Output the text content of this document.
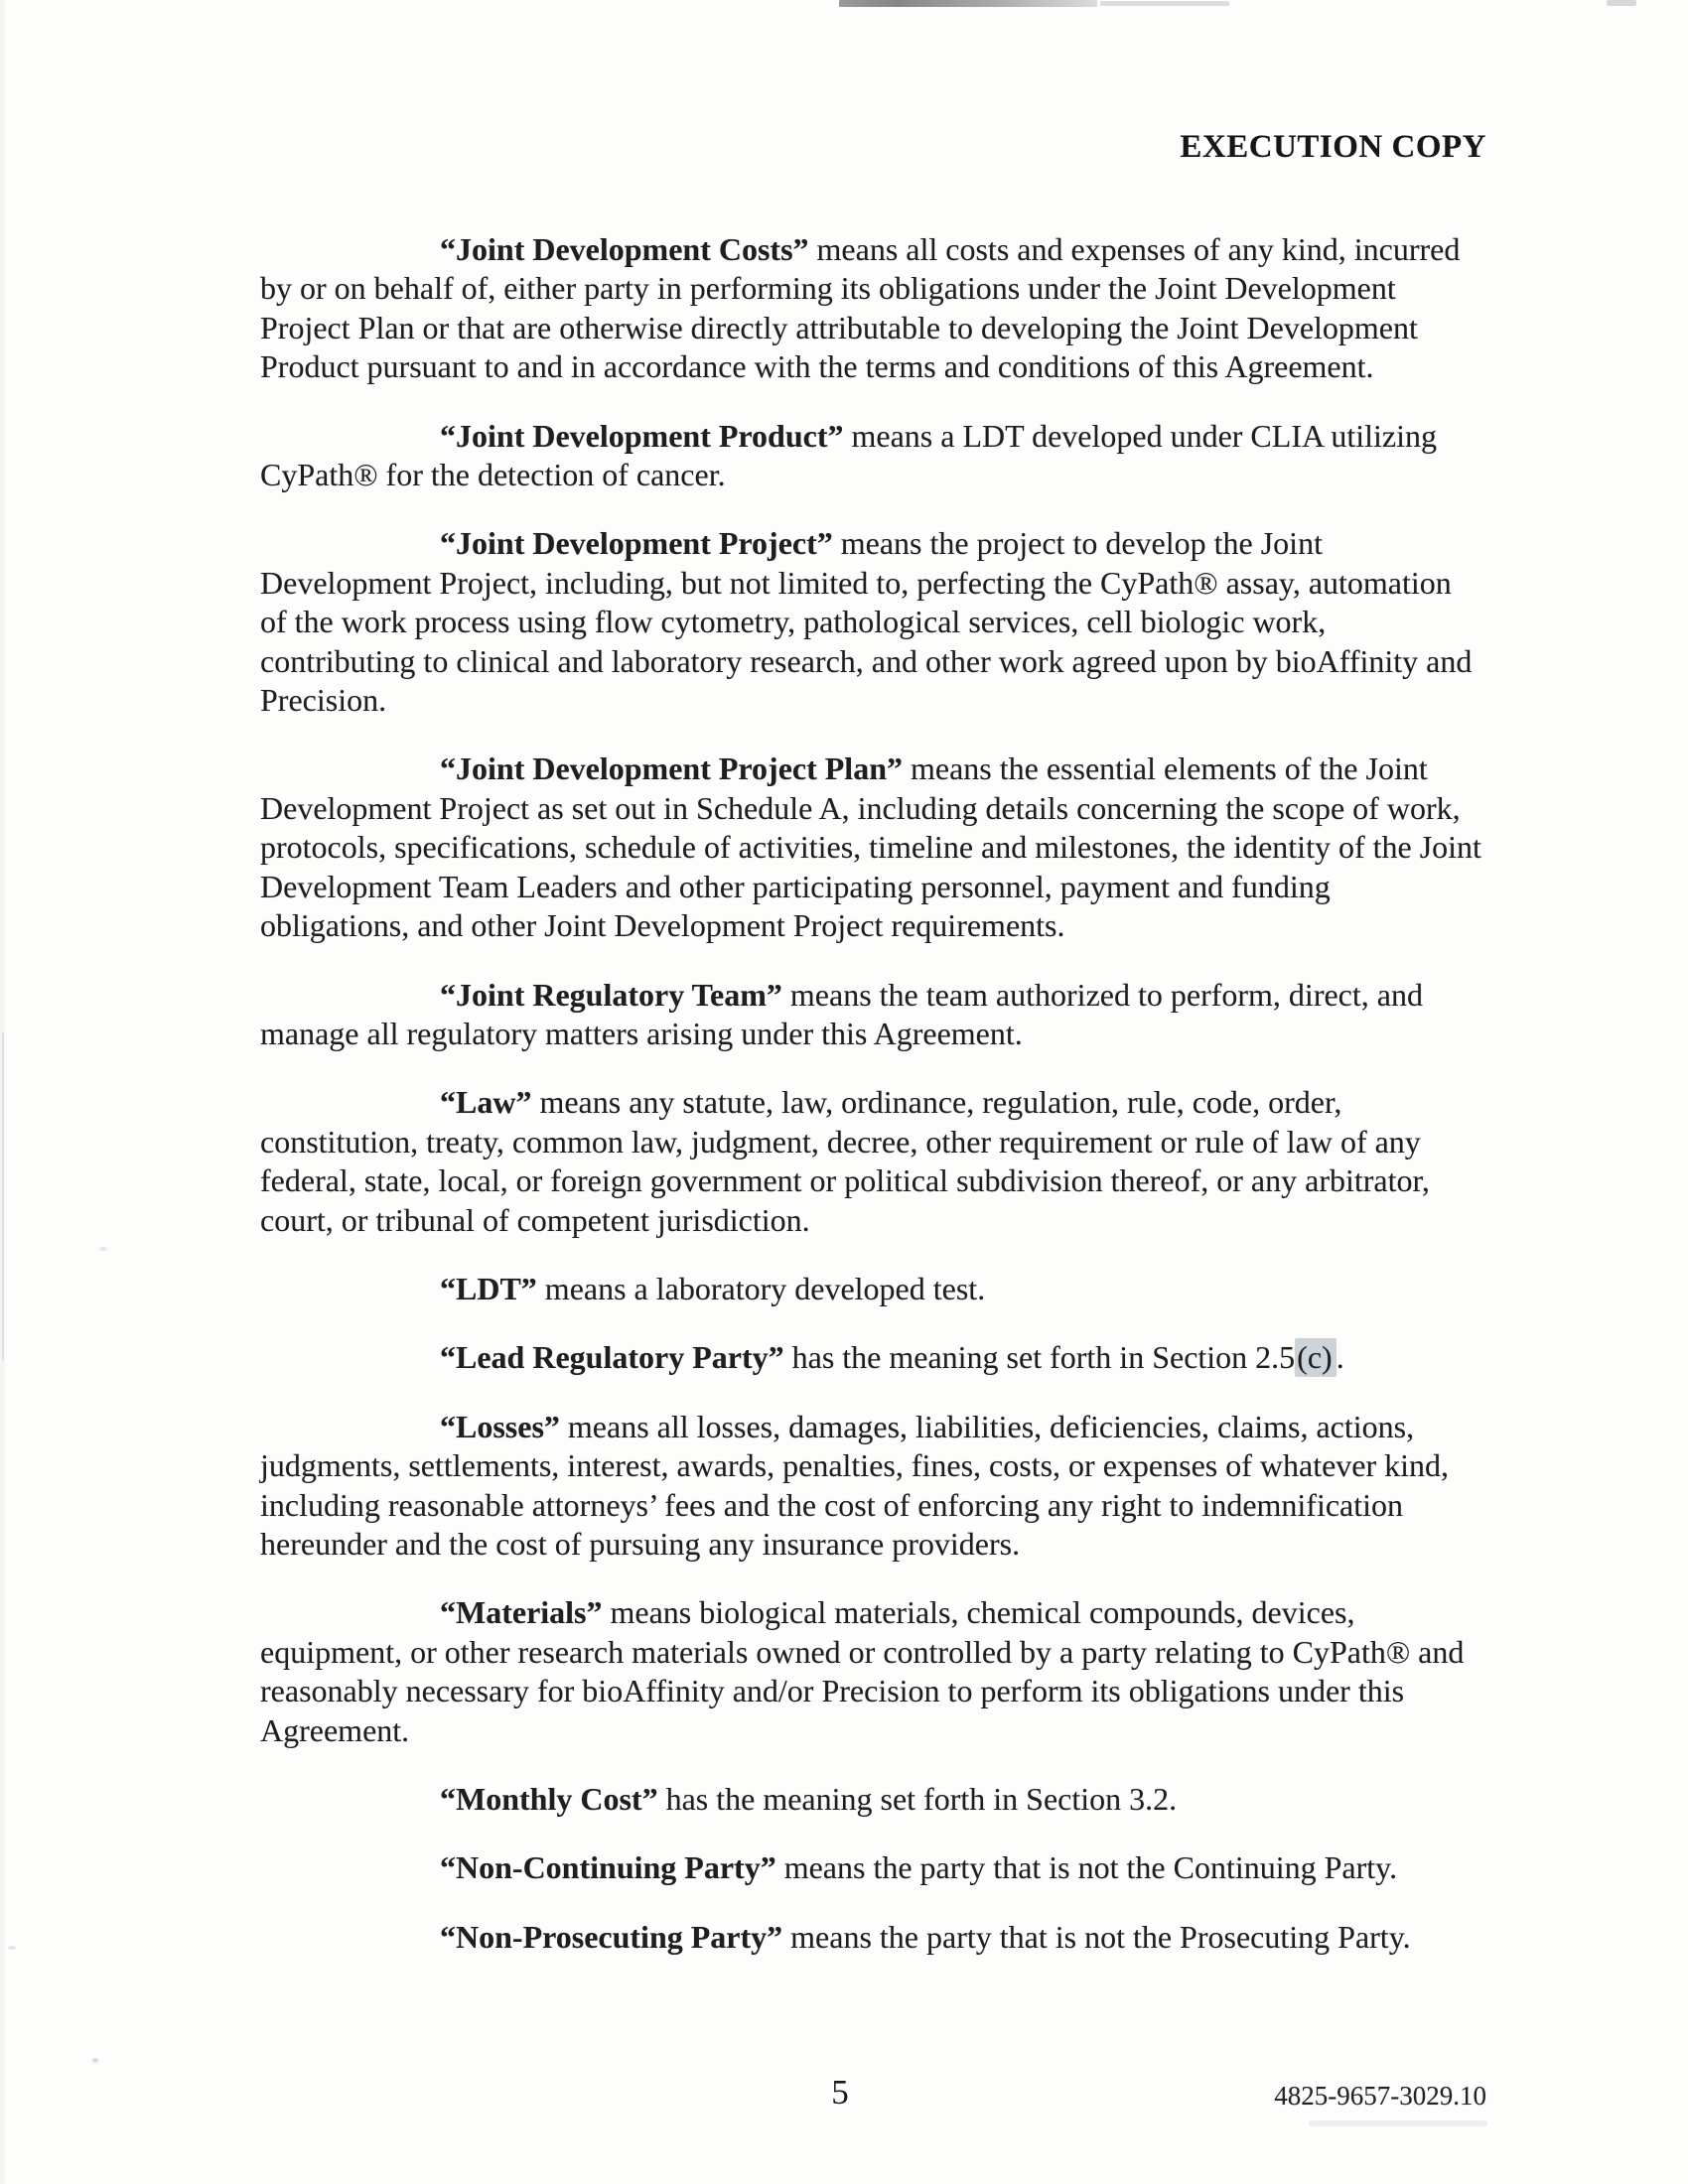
EXECUTION COPY

“Joint Development Costs” means all costs and expenses of any kind, incurred by or on behalf of, either party in performing its obligations under the Joint Development Project Plan or that are otherwise directly attributable to developing the Joint Development Product pursuant to and in accordance with the terms and conditions of this Agreement.

“Joint Development Product” means a LDT developed under CLIA utilizing CyPath® for the detection of cancer.

“Joint Development Project” means the project to develop the Joint Development Project, including, but not limited to, perfecting the CyPath® assay, automation of the work process using flow cytometry, pathological services, cell biologic work, contributing to clinical and laboratory research, and other work agreed upon by bioAffinity and Precision.

“Joint Development Project Plan” means the essential elements of the Joint Development Project as set out in Schedule A, including details concerning the scope of work, protocols, specifications, schedule of activities, timeline and milestones, the identity of the Joint Development Team Leaders and other participating personnel, payment and funding obligations, and other Joint Development Project requirements.

“Joint Regulatory Team” means the team authorized to perform, direct, and manage all regulatory matters arising under this Agreement.

“Law” means any statute, law, ordinance, regulation, rule, code, order, constitution, treaty, common law, judgment, decree, other requirement or rule of law of any federal, state, local, or foreign government or political subdivision thereof, or any arbitrator, court, or tribunal of competent jurisdiction.

“LDT” means a laboratory developed test.

“Lead Regulatory Party” has the meaning set forth in Section 2.5(c) .

“Losses” means all losses, damages, liabilities, deficiencies, claims, actions, judgments, settlements, interest, awards, penalties, fines, costs, or expenses of whatever kind, including reasonable attorneys’ fees and the cost of enforcing any right to indemnification hereunder and the cost of pursuing any insurance providers.

“Materials” means biological materials, chemical compounds, devices, equipment, or other research materials owned or controlled by a party relating to CyPath® and reasonably necessary for bioAffinity and/or Precision to perform its obligations under this Agreement.

“Monthly Cost” has the meaning set forth in Section 3.2.

“Non-Continuing Party” means the party that is not the Continuing Party.

“Non-Prosecuting Party” means the party that is not the Prosecuting Party.

5	4825-9657-3029.10
